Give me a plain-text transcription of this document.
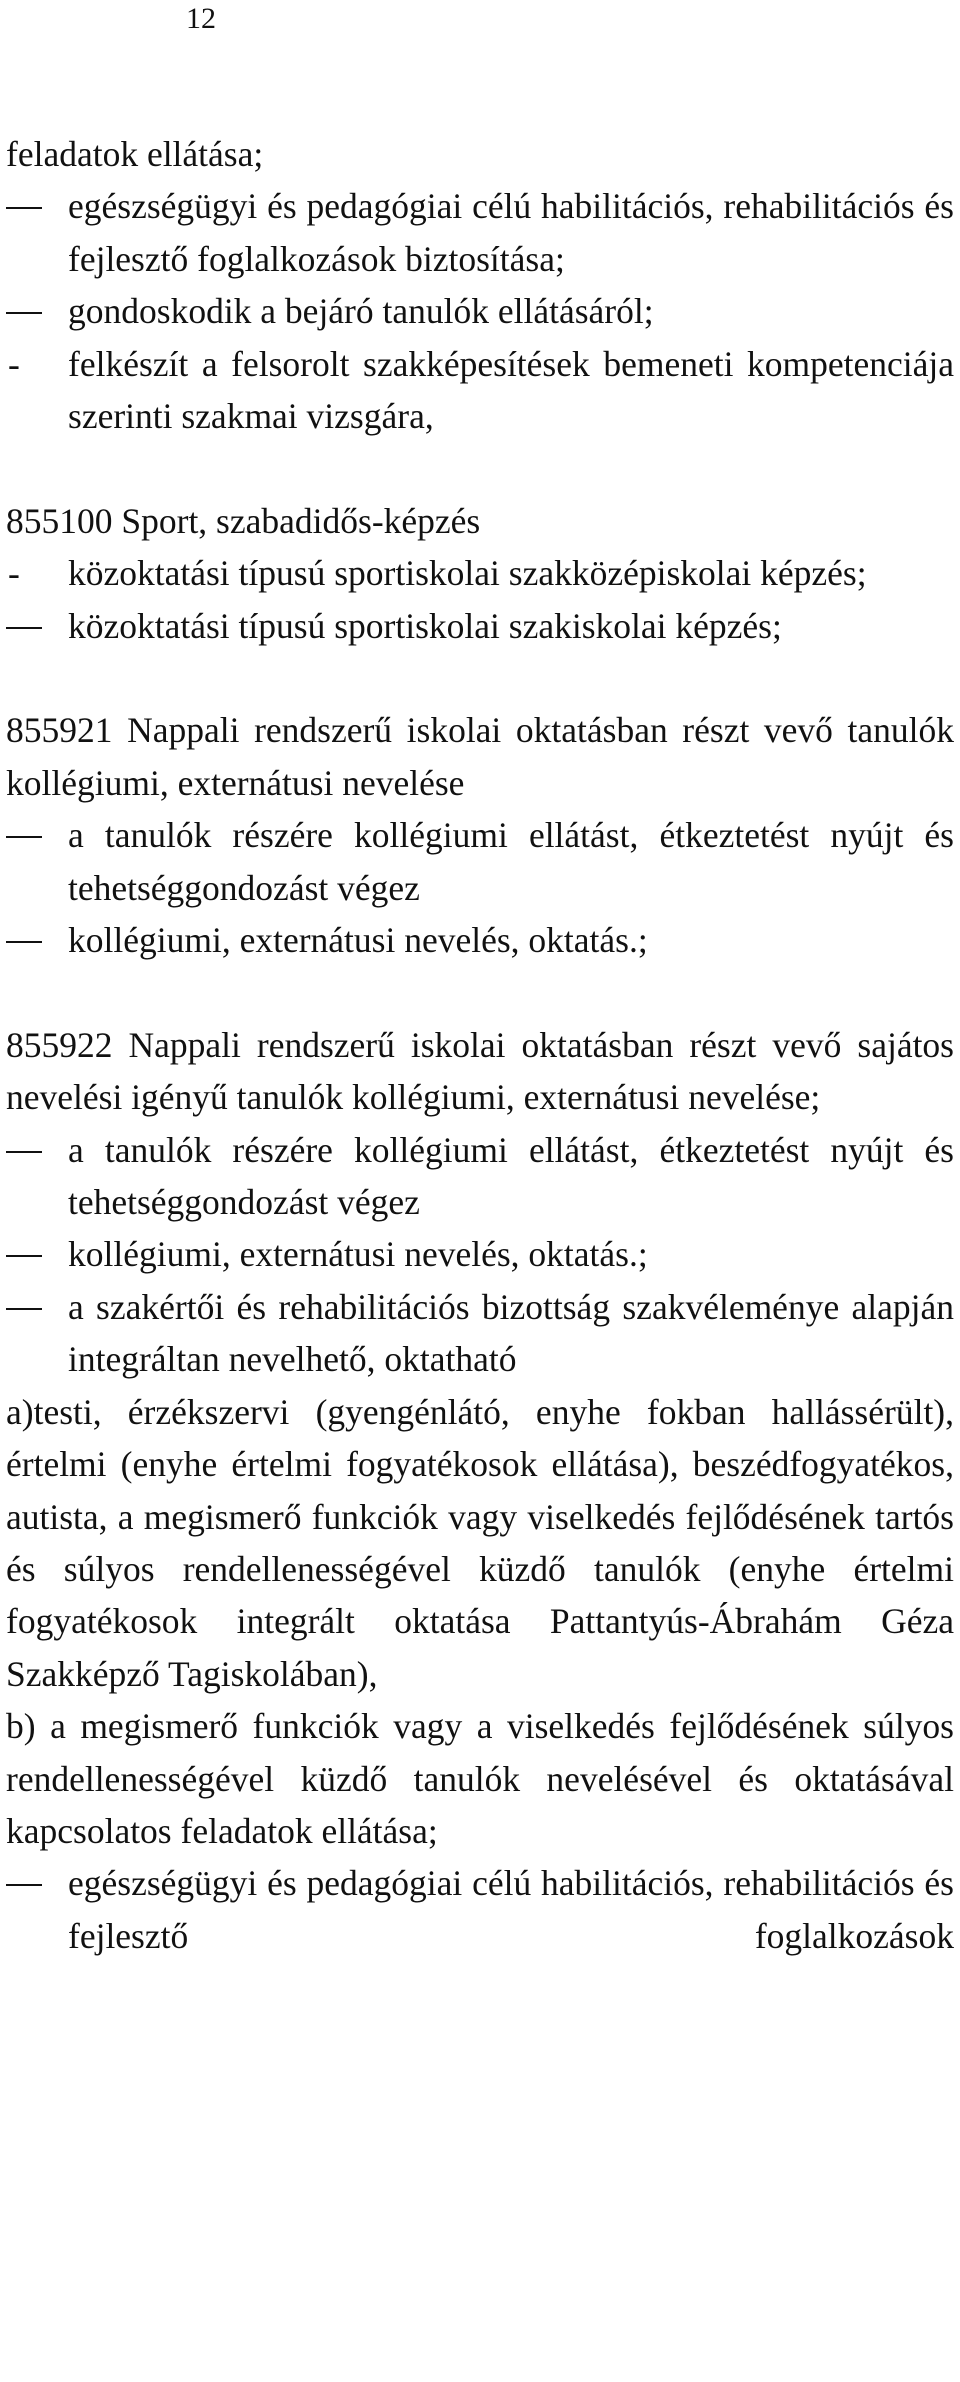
12
feladatok ellátása;
egészségügyi és pedagógiai célú habilitációs, rehabilitációs és fejlesztő foglalkozások biztosítása;
gondoskodik a bejáró tanulók ellátásáról;
felkészít a felsorolt szakképesítések bemeneti kompetenciája szerinti szakmai vizsgára,
855100 Sport, szabadidős-képzés
közoktatási típusú sportiskolai szakközépiskolai képzés;
közoktatási típusú sportiskolai szakiskolai képzés;
855921 Nappali rendszerű iskolai oktatásban részt vevő tanulók kollégiumi, externátusi nevelése
a tanulók részére kollégiumi ellátást, étkeztetést nyújt és tehetséggondozást végez
kollégiumi, externátusi nevelés, oktatás.;
855922 Nappali rendszerű iskolai oktatásban részt vevő sajátos nevelési igényű tanulók kollégiumi, externátusi nevelése;
a tanulók részére kollégiumi ellátást, étkeztetést nyújt és tehetséggondozást végez
kollégiumi, externátusi nevelés, oktatás.;
a szakértői és rehabilitációs bizottság szakvéleménye alapján integráltan nevelhető, oktatható
a)testi, érzékszervi (gyengénlátó, enyhe fokban hallássérült), értelmi (enyhe értelmi fogyatékosok ellátása), beszédfogyatékos, autista, a megismerő funkciók vagy viselkedés fejlődésének tartós és súlyos rendellenességével küzdő tanulók (enyhe értelmi fogyatékosok integrált oktatása Pattantyús-Ábrahám Géza Szakképző Tagiskolában),
b) a megismerő funkciók vagy a viselkedés fejlődésének súlyos rendellenességével küzdő tanulók nevelésével és oktatásával kapcsolatos feladatok ellátása;
egészségügyi és pedagógiai célú habilitációs, rehabilitációs és fejlesztő foglalkozások
